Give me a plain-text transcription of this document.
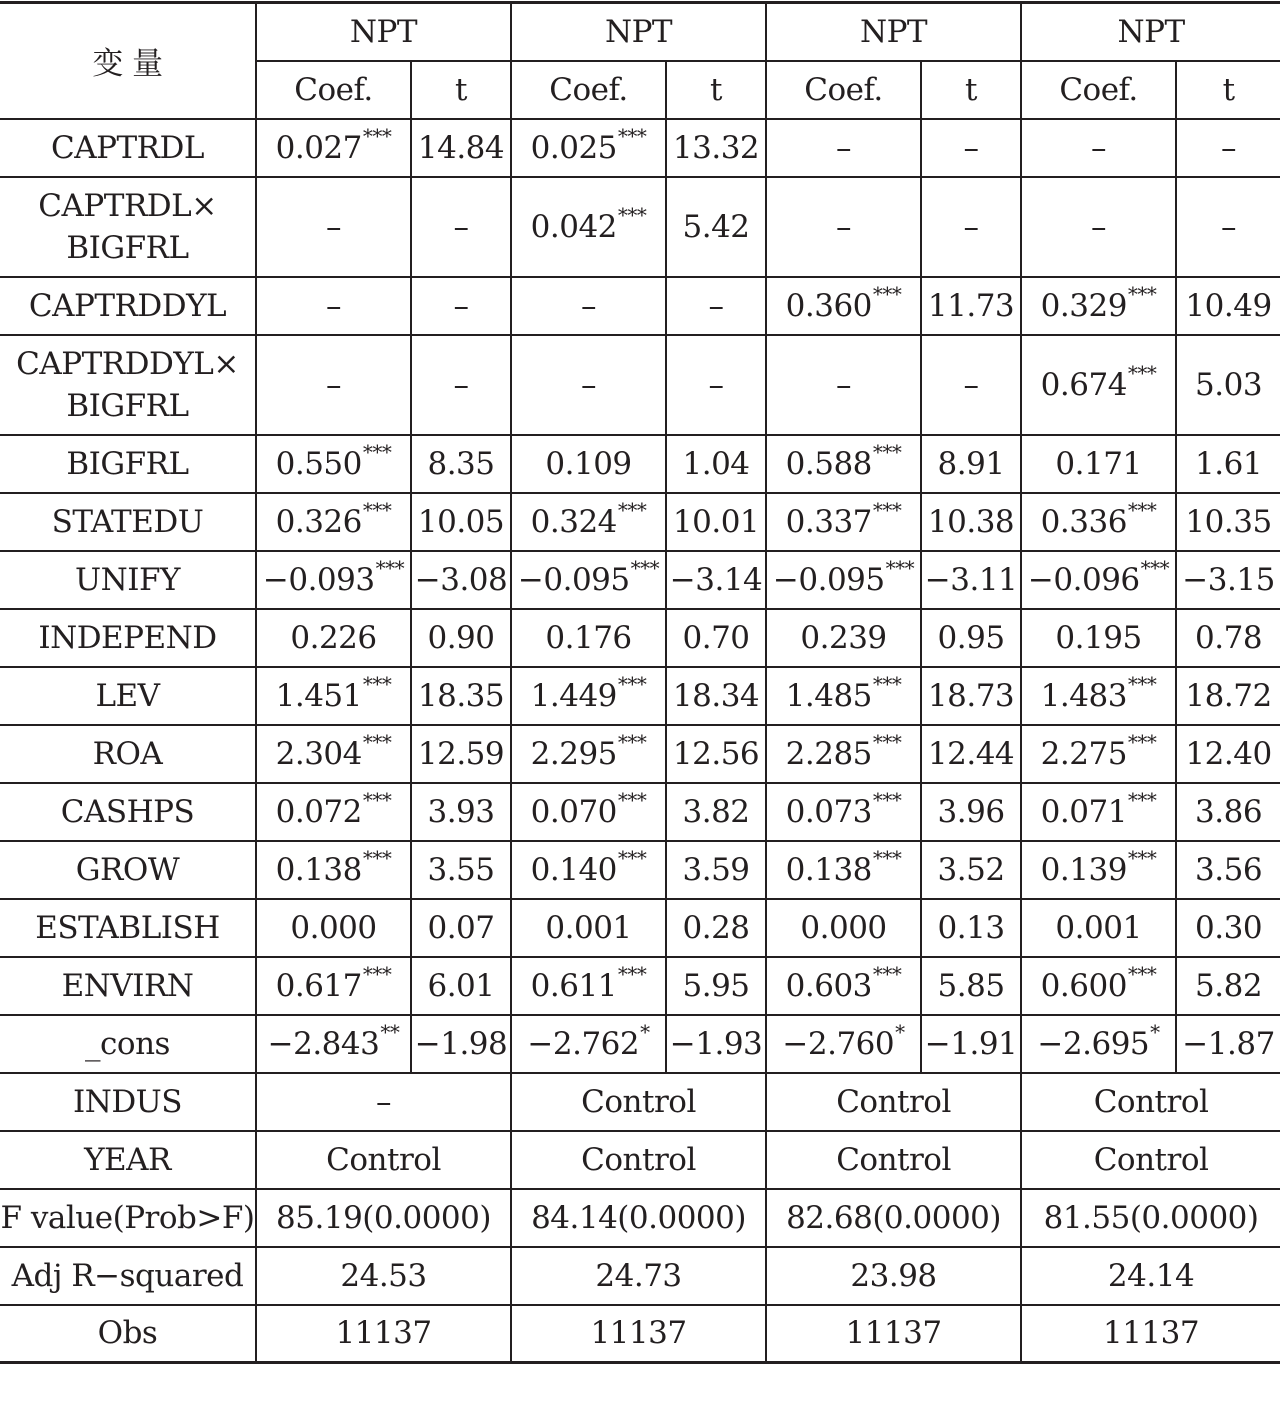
变 量	NPT		NPT		NPT		NPT	
	Coef.	t	Coef.	t	Coef.	t	Coef.	t
CAPTRDL	0.027***	14.84	0.025***	13.32	–	–	–	–

CAPTRDL×
BIGFRL	–	–	0.042***	5.42	–	–	–	–
CAPTRDDYL	–	–	–	–	0.360***	11.73	0.329***	10.49

CAPTRDDYL×
BIGFRL	–	–	–	–	–	–	0.674***	5.03
BIGFRL	0.550***	8.35	0.109	1.04	0.588***	8.91	0.171	1.61
STATEDU	0.326***	10.05	0.324***	10.01	0.337***	10.38	0.336***	10.35
UNIFY	−0.093***	−3.08	−0.095***	−3.14	−0.095***	−3.11	−0.096***	−3.15
INDEPEND	0.226	0.90	0.176	0.70	0.239	0.95	0.195	0.78
LEV	1.451***	18.35	1.449***	18.34	1.485***	18.73	1.483***	18.72
ROA	2.304***	12.59	2.295***	12.56	2.285***	12.44	2.275***	12.40
CASHPS	0.072***	3.93	0.070***	3.82	0.073***	3.96	0.071***	3.86
GROW	0.138***	3.55	0.140***	3.59	0.138***	3.52	0.139***	3.56
ESTABLISH	0.000	0.07	0.001	0.28	0.000	0.13	0.001	0.30
ENVIRN	0.617***	6.01	0.611***	5.95	0.603***	5.85	0.600***	5.82
_cons	−2.843**	−1.98	−2.762*	−1.93	−2.760*	−1.91	−2.695*	−1.87
INDUS	–		Control		Control		Control	
YEAR	Control		Control		Control		Control	
F value(Prob>F)	85.19(0.0000)		84.14(0.0000)		82.68(0.0000)		81.55(0.0000)	
Adj R−squared	24.53		24.73		23.98		24.14	
Obs	11137		11137		11137		11137	
